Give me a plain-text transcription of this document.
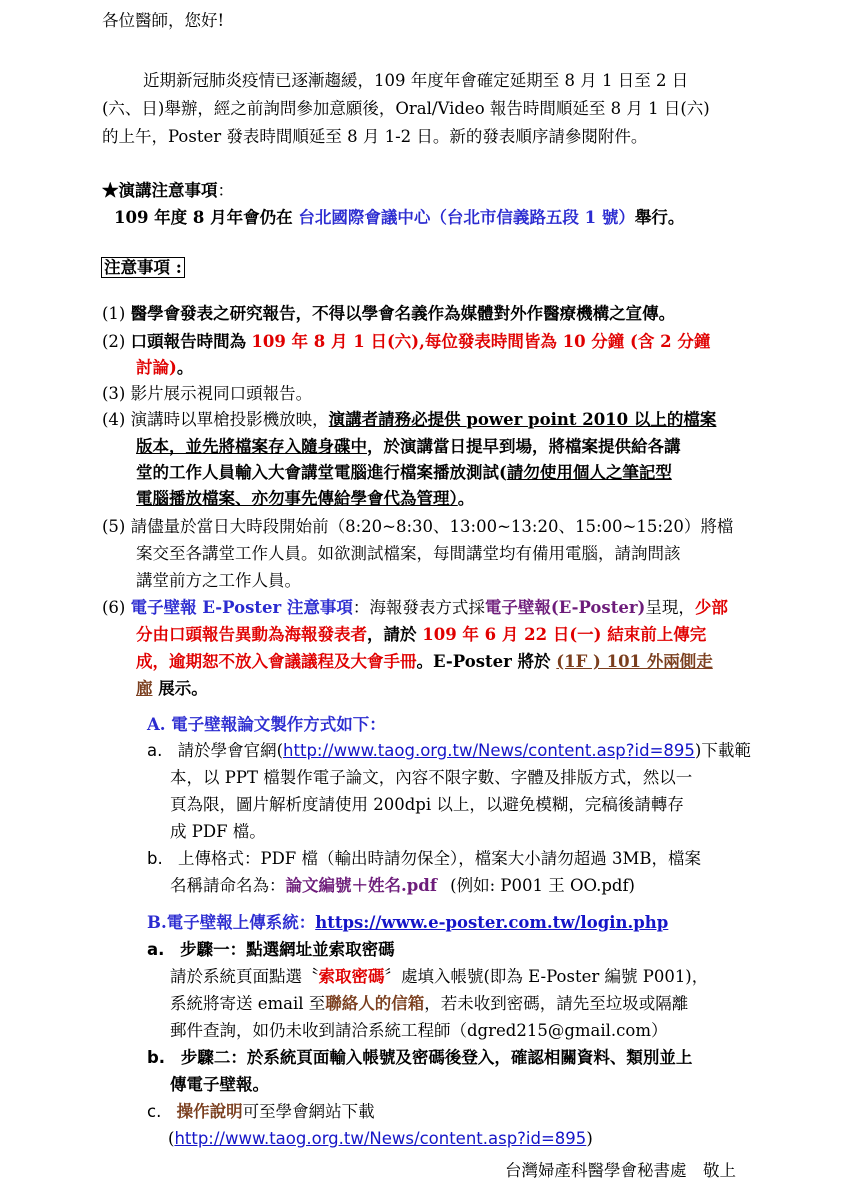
各位醫師，您好!
近期新冠肺炎疫情已逐漸趨緩，109 年度年會確定延期至 8 月 1 日至 2 日
(六、日)舉辦，經之前詢問參加意願後，Oral/Video 報告時間順延至 8 月 1 日(六)
的上午，Poster 發表時間順延至 8 月 1-2 日。新的發表順序請參閱附件。
★演講注意事項：
109 年度 8 月年會仍在 台北國際會議中心（台北市信義路五段 1 號）舉行。
注意事項 :
(1) 醫學會發表之研究報告，不得以學會名義作為媒體對外作醫療機構之宣傳。
(2) 口頭報告時間為 109 年 8 月 1 日(六),每位發表時間皆為 10 分鐘 (含 2 分鐘
討論)。
(3) 影片展示視同口頭報告。
(4) 演講時以單槍投影機放映，演講者請務必提供 power point 2010 以上的檔案
版本，並先將檔案存入隨身碟中，於演講當日提早到場，將檔案提供給各講
堂的工作人員輸入大會講堂電腦進行檔案播放測試(請勿使用個人之筆記型
電腦播放檔案、亦勿事先傳給學會代為管理）。
(5) 請儘量於當日大時段開始前（8:20~8:30、13:00~13:20、15:00~15:20）將檔
案交至各講堂工作人員。如欲測試檔案，每間講堂均有備用電腦，請詢問該
講堂前方之工作人員。
(6) 電子壁報 E-Poster 注意事項：海報發表方式採電子壁報(E-Poster)呈現，少部
分由口頭報告異動為海報發表者，請於 109 年 6 月 22 日(一) 結束前上傳完
成，逾期恕不放入會議議程及大會手冊。E-Poster 將於 (1F ) 101 外兩側走
廊 展示。
A. 電子壁報論文製作方式如下：
a. 請於學會官網(http://www.taog.org.tw/News/content.asp?id=895)下載範
本，以 PPT 檔製作電子論文，內容不限字數、字體及排版方式，然以一
頁為限，圖片解析度請使用 200dpi 以上，以避免模糊，完稿後請轉存
成 PDF 檔。
b. 上傳格式：PDF 檔（輸出時請勿保全），檔案大小請勿超過 3MB，檔案
名稱請命名為：論文編號＋姓名.pdf (例如: P001 王 OO.pdf)
B.電子壁報上傳系統：https://www.e-poster.com.tw/login.php
a. 步驟一：點選網址並索取密碼
請於系統頁面點選〝索取密碼〞處填入帳號(即為 E-Poster 編號 P001)，
系統將寄送 email 至聯絡人的信箱，若未收到密碼，請先至垃圾或隔離
郵件查詢，如仍未收到請洽系統工程師（dgred215@gmail.com）
b. 步驟二：於系統頁面輸入帳號及密碼後登入，確認相關資料、類別並上
傳電子壁報。
c. 操作說明可至學會網站下載
(http://www.taog.org.tw/News/content.asp?id=895)
台灣婦產科醫學會秘書處　敬上
